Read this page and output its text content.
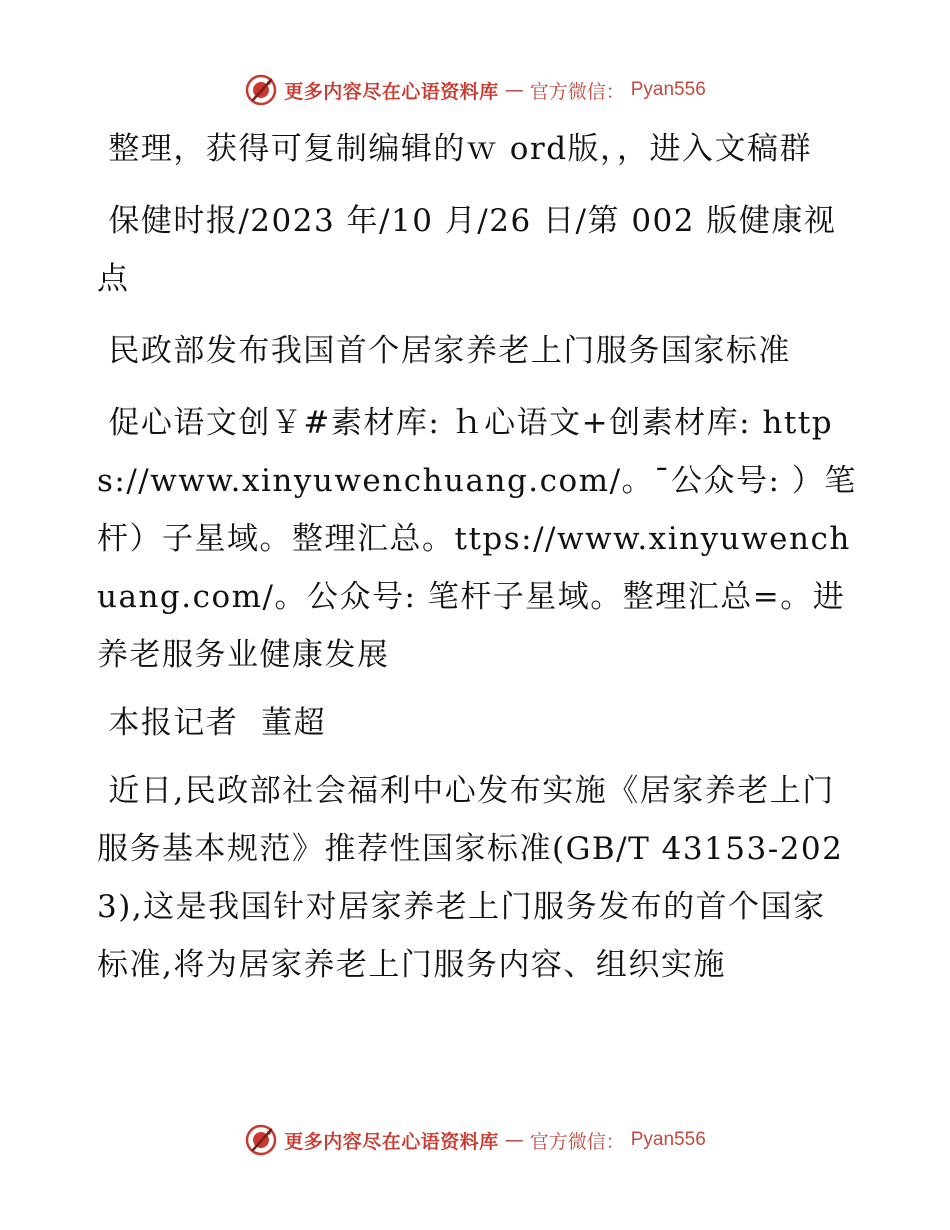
更多内容尽在心语资料库 — 官方微信： Pyan556

整理，获得可复制编辑的ｗ ord版，，进入文稿群

保健时报/2023 年/10 月/26 日/第 002 版健康视点

民政部发布我国首个居家养老上门服务国家标准

促心语文创￥#素材库: ｈ心语文+创素材库: https://www.xinyuwenchuang.com/。¯公众号: ）笔杆）子星域。整理汇总。ttps://www.xinyuwenchuang.com/。公众号: 笔杆子星域。整理汇总=。进养老服务业健康发展

本报记者  董超

近日,民政部社会福利中心发布实施《居家养老上门服务基本规范》推荐性国家标准(GB/T 43153-2023),这是我国针对居家养老上门服务发布的首个国家标准,将为居家养老上门服务内容、组织实施

更多内容尽在心语资料库 — 官方微信： Pyan556
